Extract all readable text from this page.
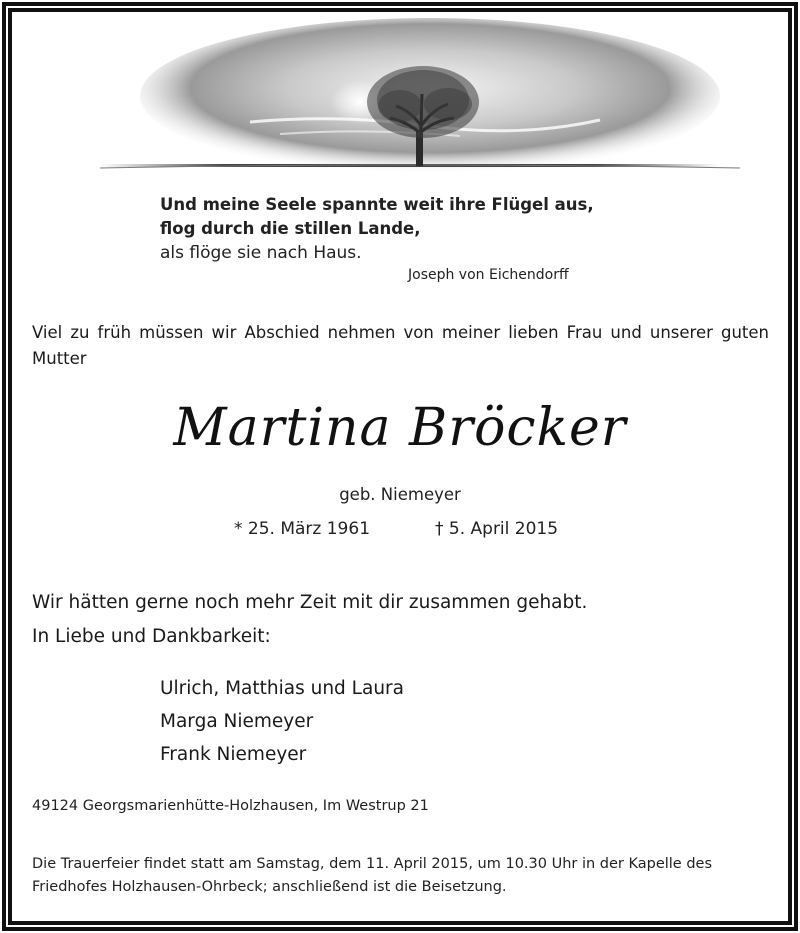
Und meine Seele spannte weit ihre Flügel aus,
flog durch die stillen Lande,
als flöge sie nach Haus.
Joseph von Eichendorff
Viel zu früh müssen wir Abschied nehmen von meiner lieben Frau und unserer guten Mutter
Martina Bröcker
geb. Niemeyer
* 25. März 1961	† 5. April 2015
Wir hätten gerne noch mehr Zeit mit dir zusammen gehabt.
In Liebe und Dankbarkeit:
Ulrich, Matthias und Laura
Marga Niemeyer
Frank Niemeyer
49124 Georgsmarienhütte-Holzhausen, Im Westrup 21
Die Trauerfeier findet statt am Samstag, dem 11. April 2015, um 10.30 Uhr in der Kapelle des Friedhofes Holzhausen-Ohrbeck; anschließend ist die Beisetzung.
